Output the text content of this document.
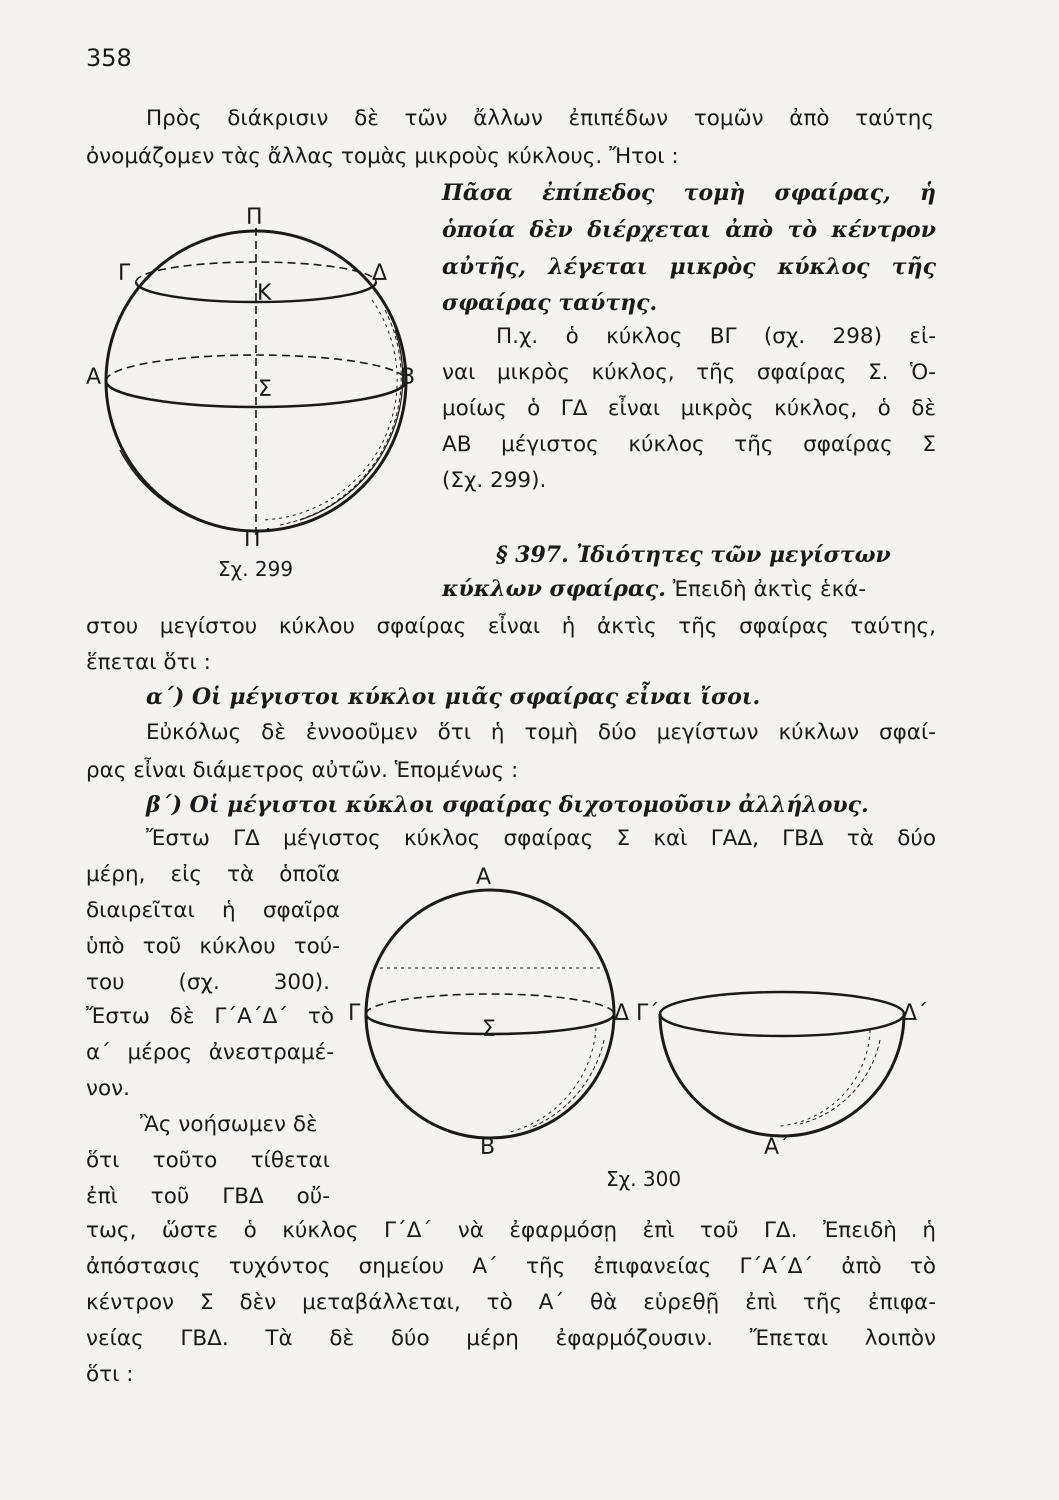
358
Πρὸς διάκρισιν δὲ τῶν ἄλλων ἐπιπέδων τομῶν ἀπὸ ταύτης
ὀνομάζομεν τὰς ἄλλας τομὰς μικροὺς κύκλους. Ἤτοι :
Πᾶσα ἐπίπεδος τομὴ σφαίρας, ἡ
ὁποία δὲν διέρχεται ἀπὸ τὸ κέντρον
αὐτῆς, λέγεται μικρὸς κύκλος τῆς
σφαίρας ταύτης.
Π.χ. ὁ κύκλος ΒΓ (σχ. 298) εἰ-
ναι μικρὸς κύκλος, τῆς σφαίρας Σ. Ὁ-
μοίως ὁ ΓΔ εἶναι μικρὸς κύκλος, ὁ δὲ
ΑΒ μέγιστος κύκλος τῆς σφαίρας Σ
(Σχ. 299).
Π
Γ	Δ
Κ
Α	Β
Σ
Π΄
Σχ. 299
§ 397. Ἰδιότητες τῶν μεγίστων
κύκλων σφαίρας. Ἐπειδὴ ἀκτὶς ἑκά-
στου μεγίστου κύκλου σφαίρας εἶναι ἡ ἀκτὶς τῆς σφαίρας ταύτης,
ἕπεται ὅτι :
α΄) Οἱ μέγιστοι κύκλοι μιᾶς σφαίρας εἶναι ἴσοι.
Εὐκόλως δὲ ἐννοοῦμεν ὅτι ἡ τομὴ δύο μεγίστων κύκλων σφαί-
ρας εἶναι διάμετρος αὐτῶν. Ἑπομένως :
β΄) Οἱ μέγιστοι κύκλοι σφαίρας διχοτομοῦσιν ἀλλήλους.
Ἔστω ΓΔ μέγιστος κύκλος σφαίρας Σ καὶ ΓΑΔ, ΓΒΔ τὰ δύο
μέρη, εἰς τὰ ὁποῖα
διαιρεῖται ἡ σφαῖρα
ὑπὸ τοῦ κύκλου τού-
του (σχ. 300).
Ἔστω δὲ Γ΄Α΄Δ΄ τὸ
α΄ μέρος ἀνεστραμέ-
νον.
Ἂς νοήσωμεν δὲ
ὅτι τοῦτο τίθεται
ἐπὶ τοῦ ΓΒΔ οὔ-
Α
Γ	Δ
Σ
Β
Γ΄	Δ΄
Α΄
Σχ. 300
τως, ὥστε ὁ κύκλος Γ΄Δ΄ νὰ ἐφαρμόσῃ ἐπὶ τοῦ ΓΔ. Ἐπειδὴ ἡ
ἀπόστασις τυχόντος σημείου Α΄ τῆς ἐπιφανείας Γ΄Α΄Δ΄ ἀπὸ τὸ
κέντρον Σ δὲν μεταβάλλεται, τὸ Α΄ θὰ εὑρεθῇ ἐπὶ τῆς ἐπιφα-
νείας ΓΒΔ. Τὰ δὲ δύο μέρη ἐφαρμόζουσιν. Ἔπεται λοιπὸν
ὅτι :
